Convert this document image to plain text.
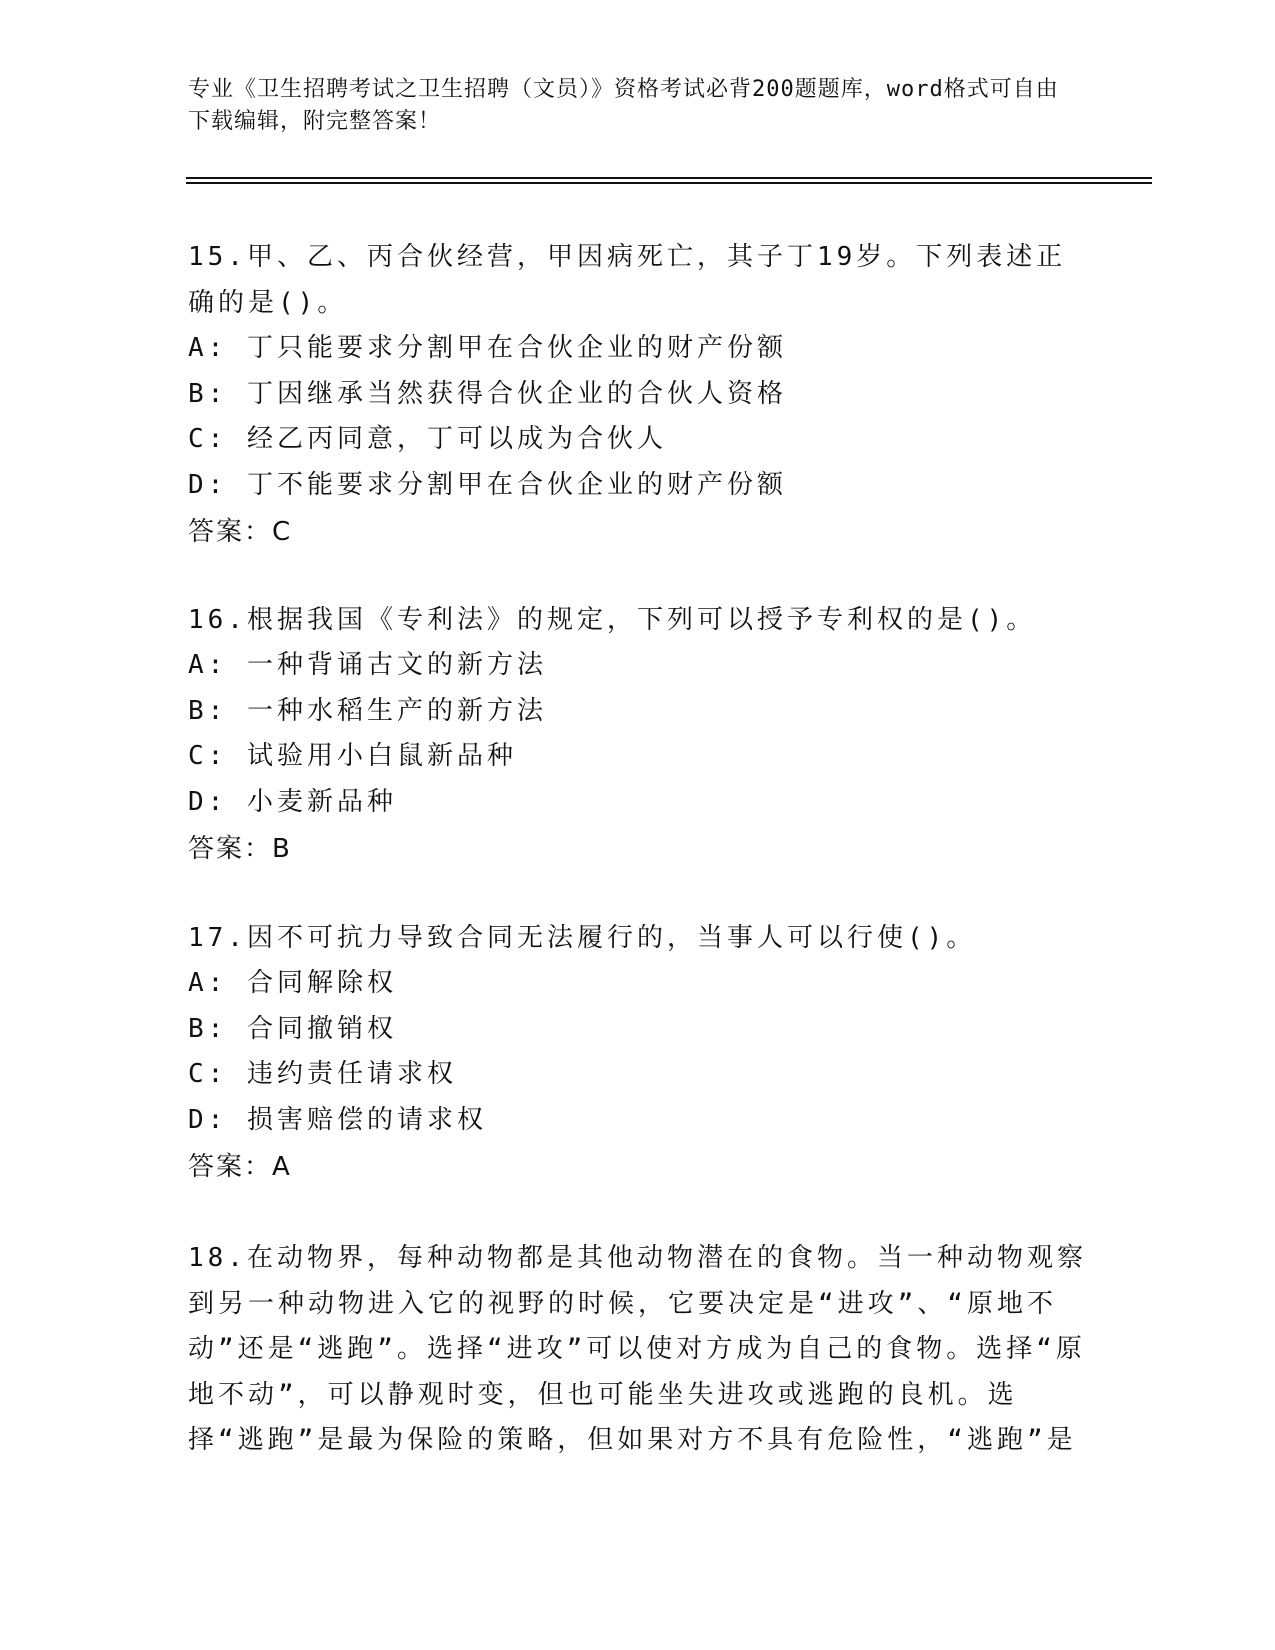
专业《卫生招聘考试之卫生招聘（文员）》资格考试必背200题题库，word格式可自由下载编辑，附完整答案！
15.甲、乙、丙合伙经营，甲因病死亡，其子丁19岁。下列表述正确的是()。
A: 丁只能要求分割甲在合伙企业的财产份额
B: 丁因继承当然获得合伙企业的合伙人资格
C: 经乙丙同意，丁可以成为合伙人
D: 丁不能要求分割甲在合伙企业的财产份额
答案：C
16.根据我国《专利法》的规定，下列可以授予专利权的是()。
A: 一种背诵古文的新方法
B: 一种水稻生产的新方法
C: 试验用小白鼠新品种
D: 小麦新品种
答案：B
17.因不可抗力导致合同无法履行的，当事人可以行使()。
A: 合同解除权
B: 合同撤销权
C: 违约责任请求权
D: 损害赔偿的请求权
答案：A
18.在动物界，每种动物都是其他动物潜在的食物。当一种动物观察到另一种动物进入它的视野的时候，它要决定是“进攻”、“原地不动”还是“逃跑”。选择“进攻”可以使对方成为自己的食物。选择“原地不动”，可以静观时变，但也可能坐失进攻或逃跑的良机。选择“逃跑”是最为保险的策略，但如果对方不具有危险性，“逃跑”是
